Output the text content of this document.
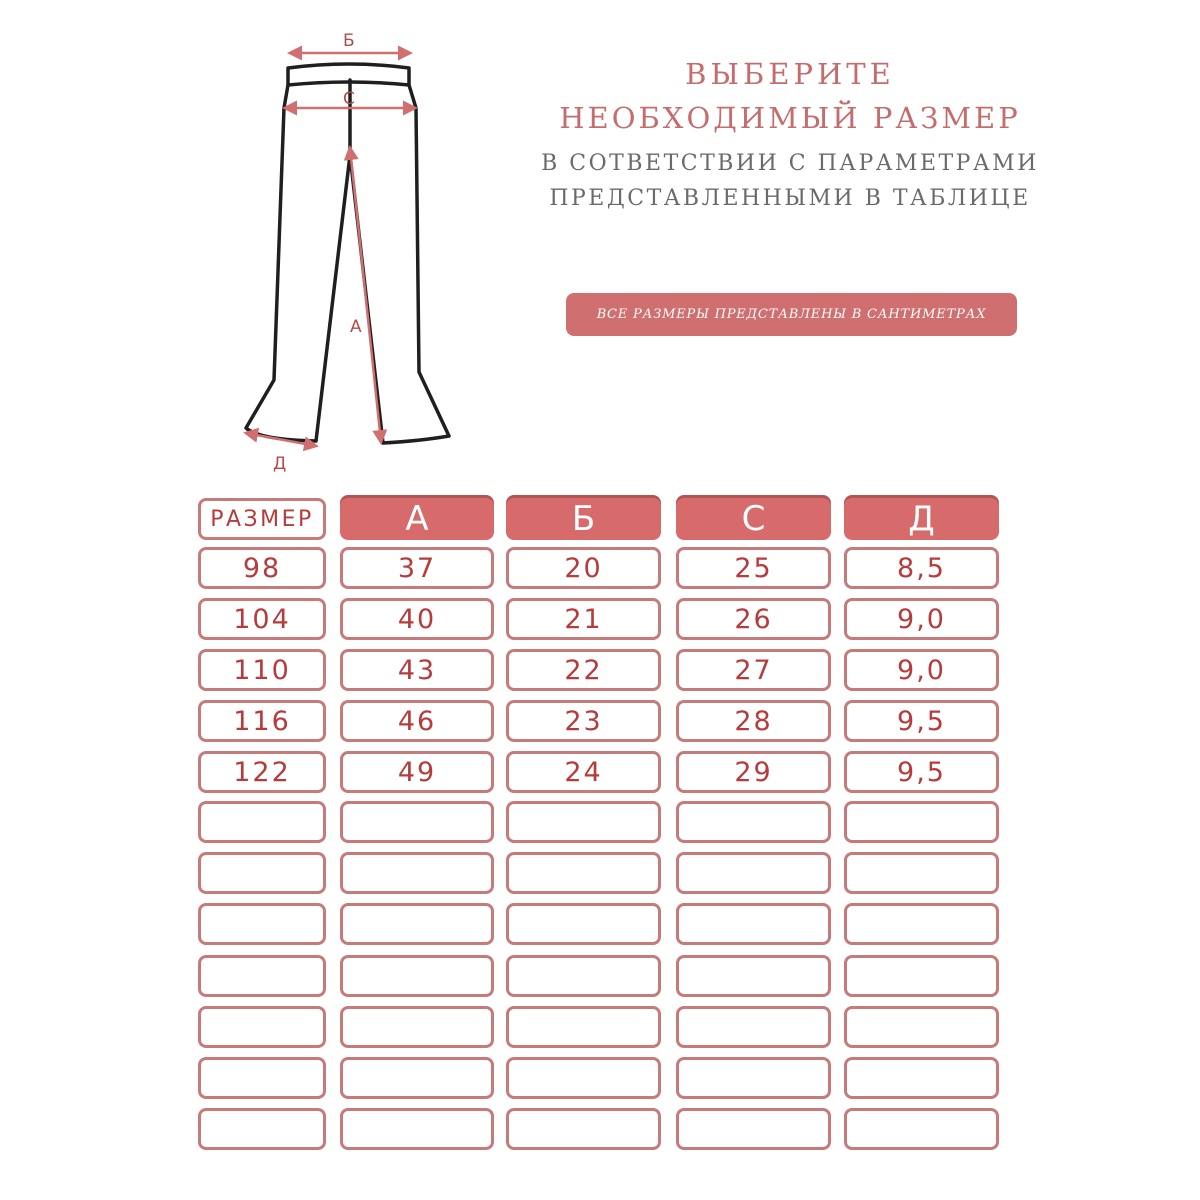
Б
С
А
Д
ВЫБЕРИТЕ
НЕОБХОДИМЫЙ РАЗМЕР
В СОТВЕТСТВИИ С ПАРАМЕТРАМИ
ПРЕДСТАВЛЕННЫМИ В ТАБЛИЦЕ
ВСЕ РАЗМЕРЫ ПРЕДСТАВЛЕНЫ В САНТИМЕТРАХ
РАЗМЕР	А	Б	С	Д
98	37	20	25	8,5
104	40	21	26	9,0
110	43	22	27	9,0
116	46	23	28	9,5
122	49	24	29	9,5
